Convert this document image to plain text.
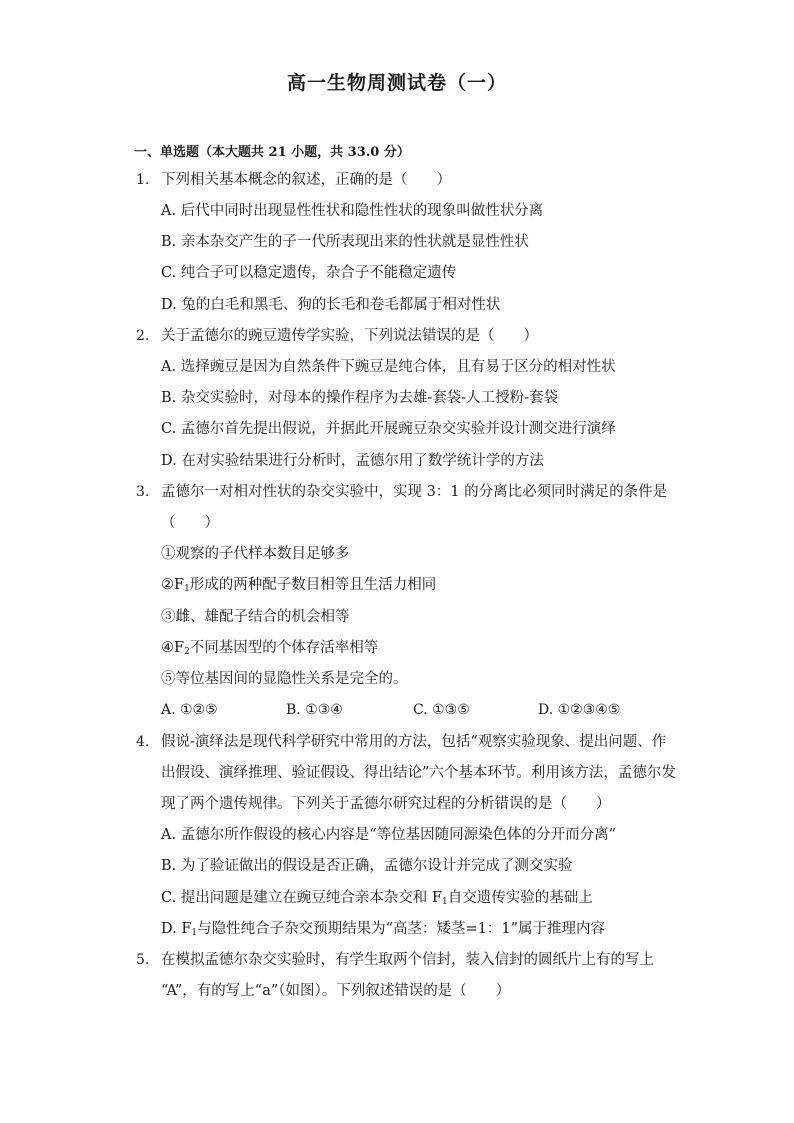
高一生物周测试卷（一）
一、单选题（本大题共 21 小题，共 33.0 分）
1. 下列相关基本概念的叙述，正确的是（　　）
A. 后代中同时出现显性性状和隐性性状的现象叫做性状分离
B. 亲本杂交产生的子一代所表现出来的性状就是显性性状
C. 纯合子可以稳定遗传，杂合子不能稳定遗传
D. 兔的白毛和黑毛、狗的长毛和卷毛都属于相对性状
2. 关于孟德尔的豌豆遗传学实验，下列说法错误的是（　　）
A. 选择豌豆是因为自然条件下豌豆是纯合体，且有易于区分的相对性状
B. 杂交实验时，对母本的操作程序为去雄-套袋-人工授粉-套袋
C. 孟德尔首先提出假说，并据此开展豌豆杂交实验并设计测交进行演绎
D. 在对实验结果进行分析时，孟德尔用了数学统计学的方法
3. 孟德尔一对相对性状的杂交实验中，实现 3：1 的分离比必须同时满足的条件是
（　　）
①观察的子代样本数目足够多
$②F_1$形成的两种配子数目相等且生活力相同
③雌、雄配子结合的机会相等
$④F_2$不同基因型的个体存活率相等
⑤等位基因间的显隐性关系是完全的。
A. ①②⑤	B. ①③④	C. ①③⑤	D. ①②③④⑤
4. 假说-演绎法是现代科学研究中常用的方法，包括“观察实验现象、提出问题、作
出假设、演绎推理、验证假设、得出结论”六个基本环节。利用该方法，孟德尔发
现了两个遗传规律。下列关于孟德尔研究过程的分析错误的是（　　）
A. 孟德尔所作假设的核心内容是“等位基因随同源染色体的分开而分离”
B. 为了验证做出的假设是否正确，孟德尔设计并完成了测交实验
C. 提出问题是建立在豌豆纯合亲本杂交和 $F_1$自交遗传实验的基础上
D. $F_1$与隐性纯合子杂交预期结果为“高茎：矮茎=1：1”属于推理内容
5. 在模拟孟德尔杂交实验时，有学生取两个信封，装入信封的圆纸片上有的写上
“A”，有的写上“a”（如图）。下列叙述错误的是（　　）
